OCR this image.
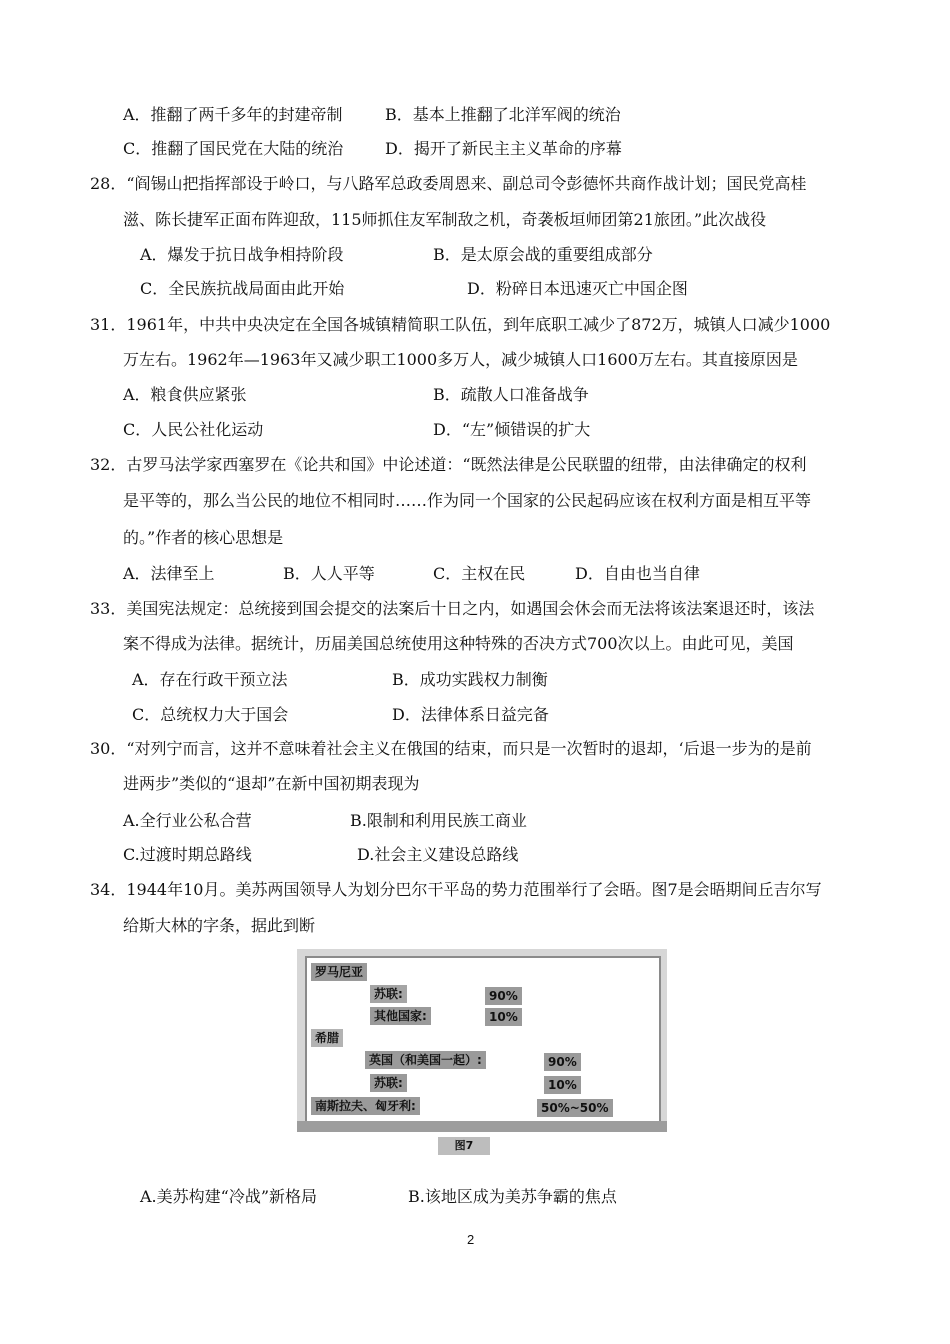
A．推翻了两千多年的封建帝制	B．基本上推翻了北洋军阀的统治
C．推翻了国民党在大陆的统治	D．揭开了新民主主义革命的序幕
28．“阎锡山把指挥部设于岭口，与八路军总政委周恩来、副总司令彭德怀共商作战计划；国民党高桂
滋、陈长捷军正面布阵迎敌，115师抓住友军制敌之机，奇袭板垣师团第21旅团。”此次战役
A．爆发于抗日战争相持阶段	B．是太原会战的重要组成部分
C．全民族抗战局面由此开始	D．粉碎日本迅速灭亡中国企图
31．1961年，中共中央决定在全国各城镇精简职工队伍，到年底职工减少了872万，城镇人口减少1000
万左右。1962年—1963年又减少职工1000多万人，减少城镇人口1600万左右。其直接原因是
A．粮食供应紧张	B．疏散人口准备战争
C．人民公社化运动	D．“左”倾错误的扩大
32．古罗马法学家西塞罗在《论共和国》中论述道：“既然法律是公民联盟的纽带，由法律确定的权利
是平等的，那么当公民的地位不相同时……作为同一个国家的公民起码应该在权利方面是相互平等
的。”作者的核心思想是
A．法律至上	B．人人平等	C．主权在民	D．自由也当自律
33．美国宪法规定：总统接到国会提交的法案后十日之内，如遇国会休会而无法将该法案退还时，该法
案不得成为法律。据统计，历届美国总统使用这种特殊的否决方式700次以上。由此可见，美国
A．存在行政干预立法	B．成功实践权力制衡
C．总统权力大于国会	D．法律体系日益完备
30．“对列宁而言，这并不意味着社会主义在俄国的结束，而只是一次暂时的退却，‘后退一步为的是前
进两步”类似的“退却”在新中国初期表现为
A.全行业公私合营	B.限制和利用民族工商业
C.过渡时期总路线	D.社会主义建设总路线
34．1944年10月。美苏两国领导人为划分巴尔干平岛的势力范围举行了会晤。图7是会晤期间丘吉尔写
给斯大林的字条，据此到断
罗马尼亚
苏联:	90%
其他国家:	10%
希腊
英国（和美国一起）:	90%
苏联:	10%
南斯拉夫、匈牙利:	50%~50%
图7
A.美苏构建“冷战”新格局	B.该地区成为美苏争霸的焦点
2
